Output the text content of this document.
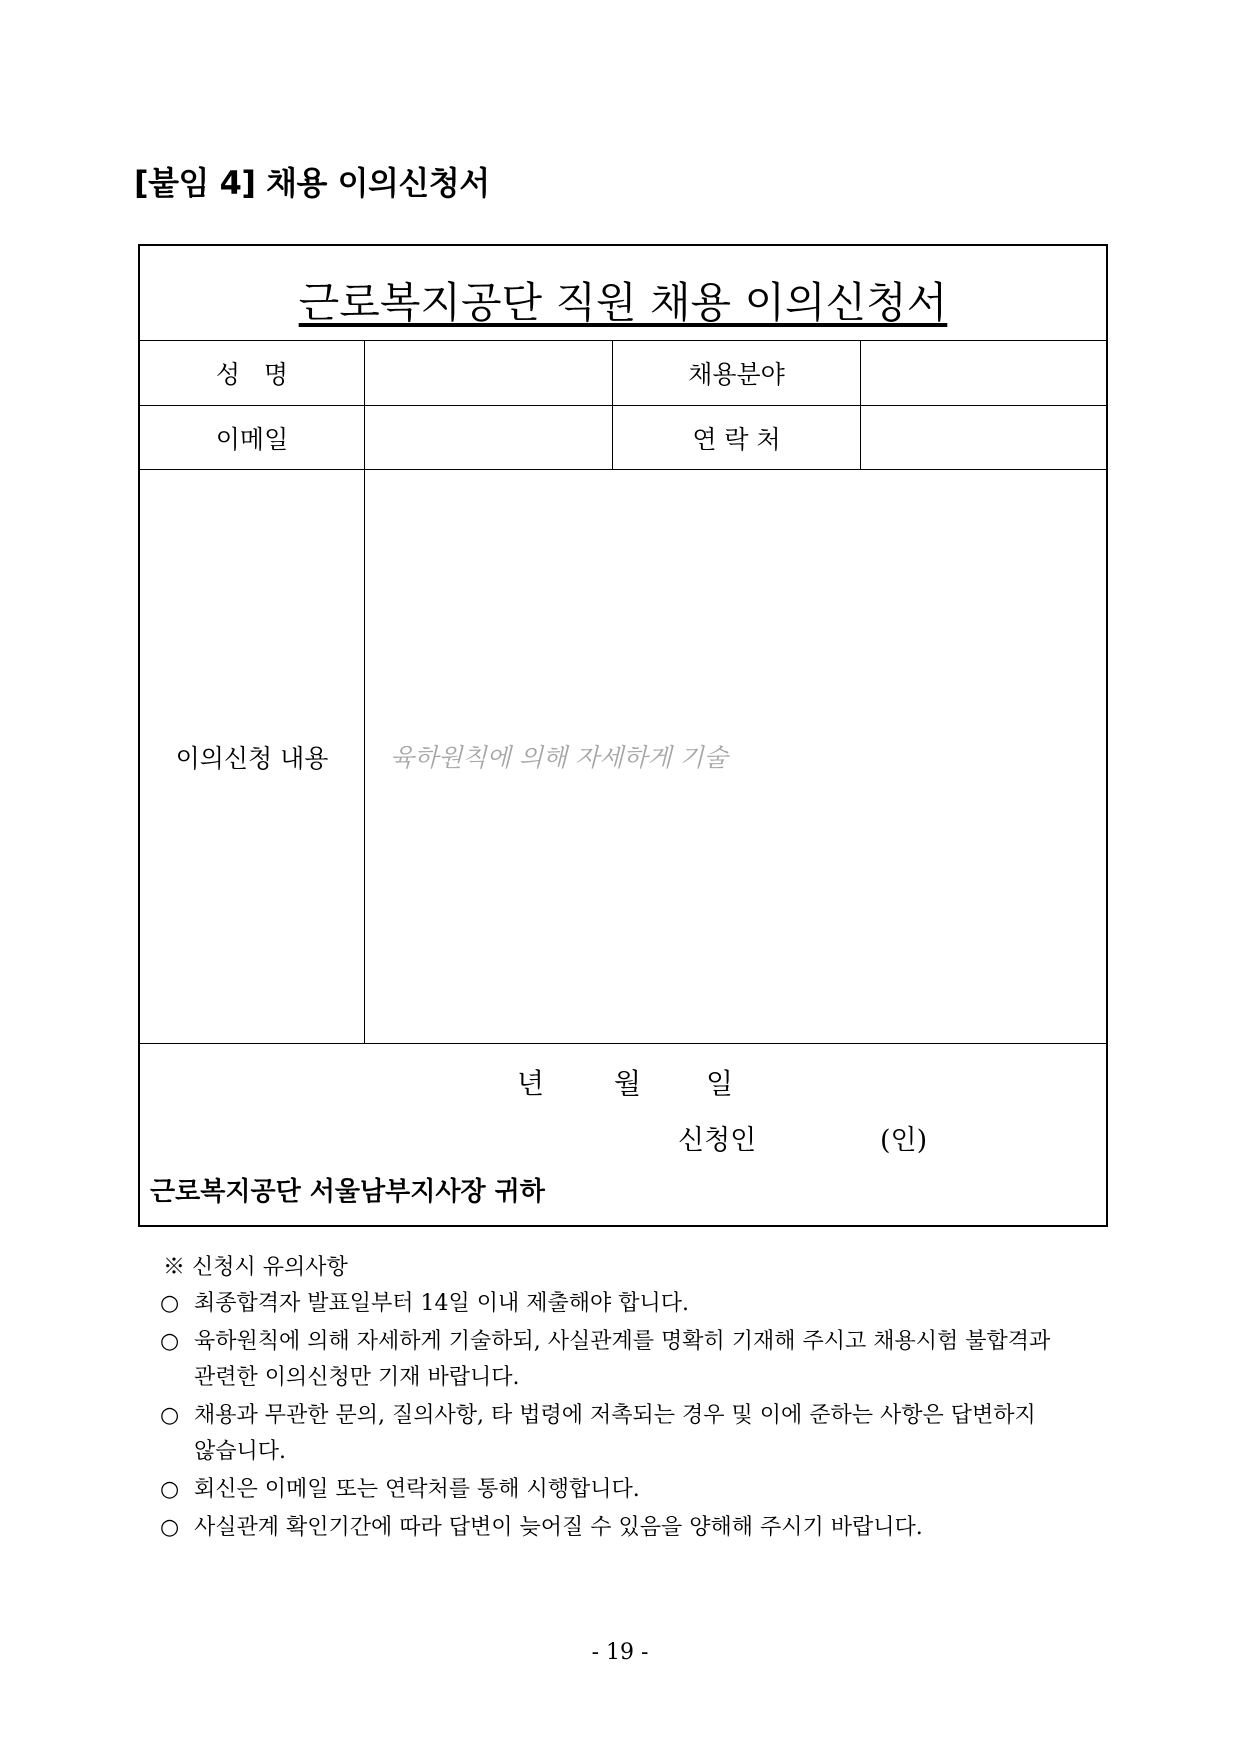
[붙임 4] 채용 이의신청서
근로복지공단 직원 채용 이의신청서
성   명	채용분야
이메일	연 락 처
이의신청 내용	육하원칙에 의해 자세하게 기술
년 월 일
신청인	(인)
근로복지공단 서울남부지사장 귀하
※ 신청시 유의사항
○ 최종합격자 발표일부터 14일 이내 제출해야 합니다.
○ 육하원칙에 의해 자세하게 기술하되, 사실관계를 명확히 기재해 주시고 채용시험 불합격과 관련한 이의신청만 기재 바랍니다.
○ 채용과 무관한 문의, 질의사항, 타 법령에 저촉되는 경우 및 이에 준하는 사항은 답변하지 않습니다.
○ 회신은 이메일 또는 연락처를 통해 시행합니다.
○ 사실관계 확인기간에 따라 답변이 늦어질 수 있음을 양해해 주시기 바랍니다.
- 19 -
